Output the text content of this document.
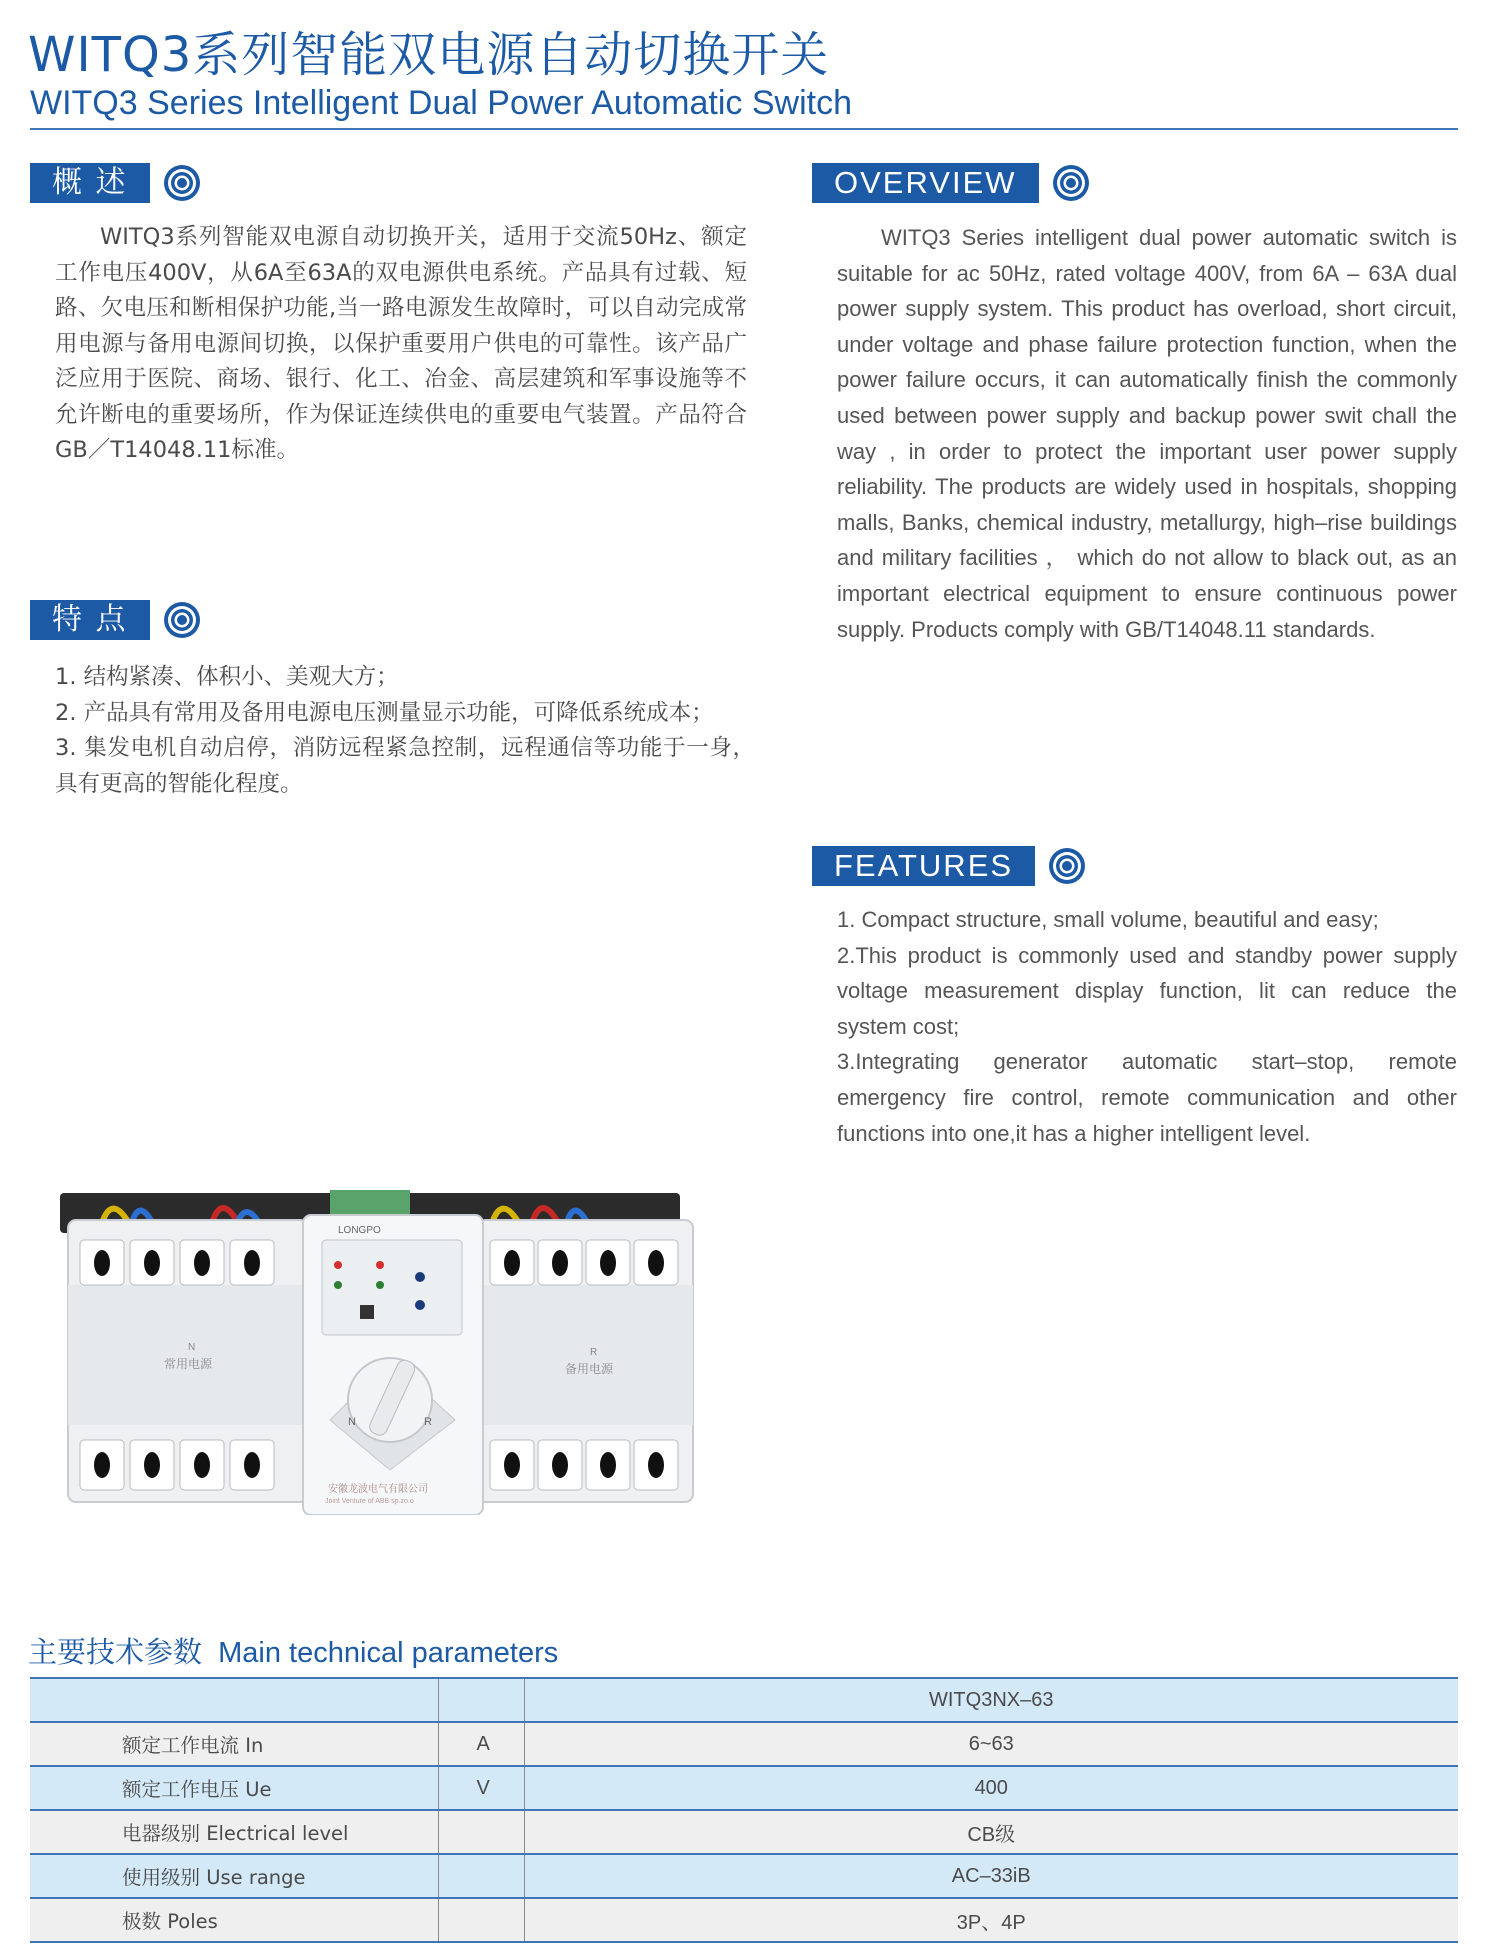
WITQ3系列智能双电源自动切换开关
WITQ3 Series Intelligent Dual Power Automatic Switch
概 述
WITQ3系列智能双电源自动切换开关，适用于交流50Hz、额定工作电压400V，从6A至63A的双电源供电系统。产品具有过载、短路、欠电压和断相保护功能,当一路电源发生故障时，可以自动完成常用电源与备用电源间切换，以保护重要用户供电的可靠性。该产品广泛应用于医院、商场、银行、化工、冶金、高层建筑和军事设施等不允许断电的重要场所，作为保证连续供电的重要电气装置。产品符合GB／T14048.11标准。
特 点

1. 结构紧凑、体积小、美观大方；

2. 产品具有常用及备用电源电压测量显示功能，可降低系统成本；

3. 集发电机自动启停，消防远程紧急控制，远程通信等功能于一身，具有更高的智能化程度。

OVERVIEW
WITQ3 Series intelligent dual power automatic switch is suitable for ac 50Hz, rated voltage 400V, from 6A – 63A dual power supply system. This product has overload, short circuit, under voltage and phase failure protection function, when the power failure occurs, it can automatically finish the commonly used between power supply and backup power swit chall the way , in order to protect the important user power supply reliability. The products are widely used in hospitals, shopping malls, Banks, chemical industry, metallurgy, high–rise buildings and military facilities ， which do not allow to black out, as an important electrical equipment to ensure continuous power supply. Products comply with GB/T14048.11 standards.
FEATURES

1. Compact structure, small volume, beautiful and easy;

2.This product is commonly used and standby power supply voltage measurement display function, lit can reduce the system cost;

3.Integrating generator automatic start–stop, remote emergency fire control, remote communication and other functions into one,it has a higher intelligent level.

N	R
LONGPO
安徽龙波电气有限公司
Joint Venture of ABB sp.zo.o
N
常用电源
R
备用电源
主要技术参数 Main technical parameters
		WITQ3NX–63
额定工作电流 In	A	6~63
额定工作电压 Ue	V	400
电器级别 Electrical level		CB级
使用级别 Use range		AC–33iB
极数 Poles		3P、4P
